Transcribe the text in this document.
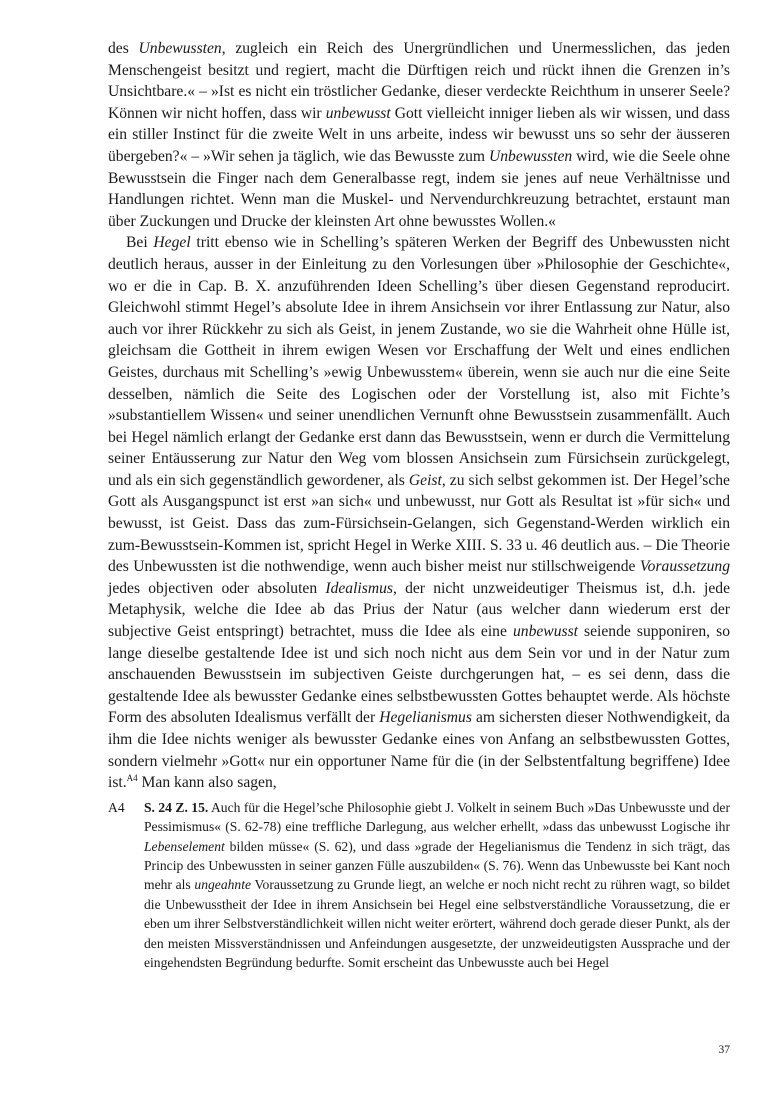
des Unbewussten, zugleich ein Reich des Unergründlichen und Unermesslichen, das jeden Menschengeist besitzt und regiert, macht die Dürftigen reich und rückt ihnen die Grenzen in’s Unsichtbare.« – »Ist es nicht ein tröstlicher Gedanke, dieser verdeckte Reichthum in unserer Seele? Können wir nicht hoffen, dass wir unbewusst Gott vielleicht inniger lieben als wir wissen, und dass ein stiller Instinct für die zweite Welt in uns arbeite, indess wir bewusst uns so sehr der äusseren übergeben?« – »Wir sehen ja täglich, wie das Bewusste zum Unbewussten wird, wie die Seele ohne Bewusstsein die Finger nach dem Generalbasse regt, indem sie jenes auf neue Verhältnisse und Handlungen richtet. Wenn man die Muskel- und Nervendurchkreuzung betrachtet, erstaunt man über Zuckungen und Drucke der kleinsten Art ohne bewusstes Wollen.«

Bei Hegel tritt ebenso wie in Schelling’s späteren Werken der Begriff des Unbewussten nicht deutlich heraus, ausser in der Einleitung zu den Vorlesungen über »Philosophie der Geschichte«, wo er die in Cap. B. X. anzuführenden Ideen Schelling’s über diesen Gegenstand reproducirt. Gleichwohl stimmt Hegel’s absolute Idee in ihrem Ansichsein vor ihrer Entlassung zur Natur, also auch vor ihrer Rückkehr zu sich als Geist, in jenem Zustande, wo sie die Wahrheit ohne Hülle ist, gleichsam die Gottheit in ihrem ewigen Wesen vor Erschaffung der Welt und eines endlichen Geistes, durchaus mit Schelling’s »ewig Unbewusstem« überein, wenn sie auch nur die eine Seite desselben, nämlich die Seite des Logischen oder der Vorstellung ist, also mit Fichte’s »substantiellem Wissen« und seiner unendlichen Vernunft ohne Bewusstsein zusammenfällt. Auch bei Hegel nämlich erlangt der Gedanke erst dann das Bewusstsein, wenn er durch die Vermittelung seiner Entäusserung zur Natur den Weg vom blossen Ansichsein zum Fürsichsein zurückgelegt, und als ein sich gegenständlich gewordener, als Geist, zu sich selbst gekommen ist. Der Hegel’sche Gott als Ausgangspunct ist erst »an sich« und unbewusst, nur Gott als Resultat ist »für sich« und bewusst, ist Geist. Dass das zum-Fürsichsein-Gelangen, sich Gegenstand-Werden wirklich ein zum-Bewusstsein-Kommen ist, spricht Hegel in Werke XIII. S. 33 u. 46 deutlich aus. – Die Theorie des Unbewussten ist die nothwendige, wenn auch bisher meist nur stillschweigende Voraussetzung jedes objectiven oder absoluten Idealismus, der nicht unzweideutiger Theismus ist, d.h. jede Metaphysik, welche die Idee ab das Prius der Natur (aus welcher dann wiederum erst der subjective Geist entspringt) betrachtet, muss die Idee als eine unbewusst seiende supponiren, so lange dieselbe gestaltende Idee ist und sich noch nicht aus dem Sein vor und in der Natur zum anschauenden Bewusstsein im subjectiven Geiste durchgerungen hat, – es sei denn, dass die gestaltende Idee als bewusster Gedanke eines selbstbewussten Gottes behauptet werde. Als höchste Form des absoluten Idealismus verfällt der Hegelianismus am sichersten dieser Nothwendigkeit, da ihm die Idee nichts weniger als bewusster Gedanke eines von Anfang an selbstbewussten Gottes, sondern vielmehr »Gott« nur ein opportuner Name für die (in der Selbstentfaltung begriffene) Idee ist.$^{A4}$ Man kann also sagen,

A4 S. 24 Z. 15. Auch für die Hegel’sche Philosophie giebt J. Volkelt in seinem Buch »Das Unbewusste und der Pessimismus« (S. 62-78) eine treffliche Darlegung, aus welcher erhellt, »dass das unbewusst Logische ihr Lebenselement bilden müsse« (S. 62), und dass »grade der Hegelianismus die Tendenz in sich trägt, das Princip des Unbewussten in seiner ganzen Fülle auszubilden« (S. 76). Wenn das Unbewusste bei Kant noch mehr als ungeahnte Voraussetzung zu Grunde liegt, an welche er noch nicht recht zu rühren wagt, so bildet die Unbewusstheit der Idee in ihrem Ansichsein bei Hegel eine selbstverständliche Voraussetzung, die er eben um ihrer Selbstverständlichkeit willen nicht weiter erörtert, während doch gerade dieser Punkt, als der den meisten Missverständnissen und Anfeindungen ausgesetzte, der unzweideutigsten Aussprache und der eingehendsten Begründung bedurfte. Somit erscheint das Unbewusste auch bei Hegel
37
